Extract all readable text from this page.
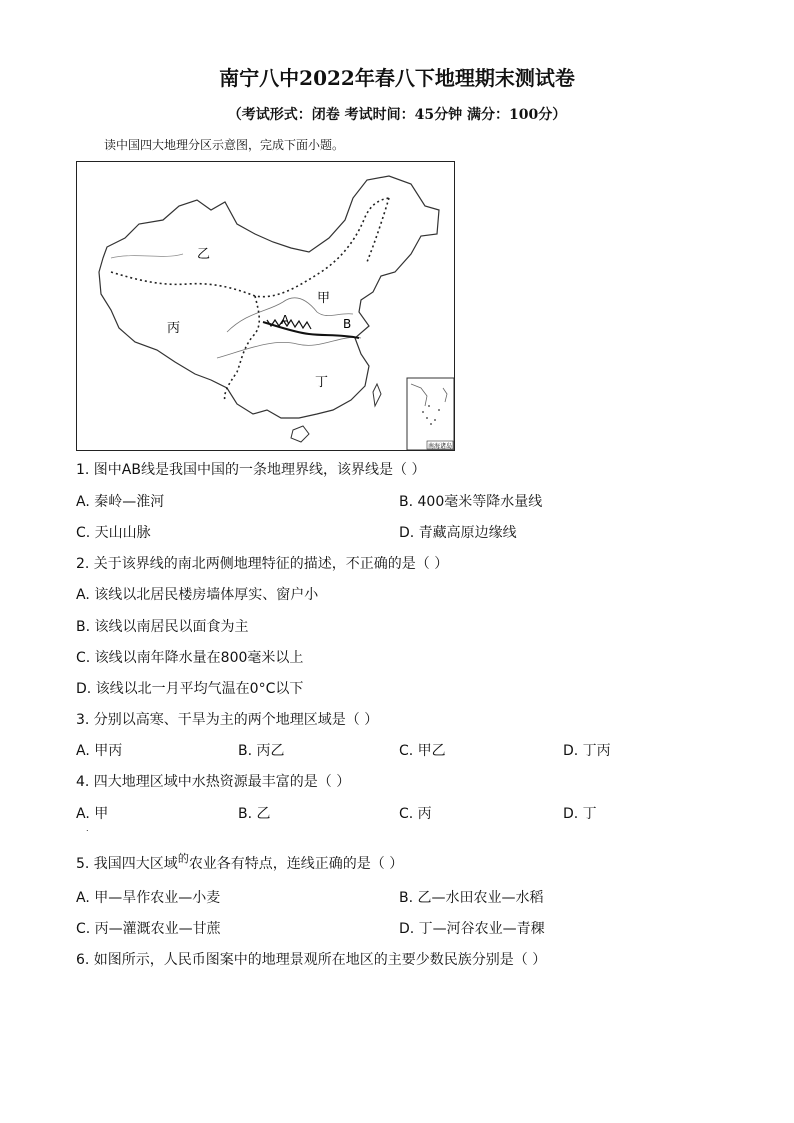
南宁八中2022年春八下地理期末测试卷
（考试形式：闭卷 考试时间：45分钟 满分：100分）
读中国四大地理分区示意图，完成下面小题。
乙
甲
丙
丁
A	B
南海诸岛
1. 图中AB线是我国中国的一条地理界线，该界线是（ ）
A. 秦岭—淮河	B. 400毫米等降水量线
C. 天山山脉	D. 青藏高原边缘线
2. 关于该界线的南北两侧地理特征的描述，不正确的是（ ）
A. 该线以北居民楼房墙体厚实、窗户小
B. 该线以南居民以面食为主
C. 该线以南年降水量在800毫米以上
D. 该线以北一月平均气温在0°C以下
3. 分别以高寒、干旱为主的两个地理区域是（ ）
A. 甲丙	B. 丙乙	C. 甲乙	D. 丁丙
4. 四大地理区域中水热资源最丰富的是（ ）
A. 甲	B. 乙	C. 丙	D. 丁
.
5. 我国四大区域$^的$农业各有特点，连线正确的是（ ）
A. 甲—旱作农业—小麦	B. 乙—水田农业—水稻
C. 丙—灌溉农业—甘蔗	D. 丁—河谷农业—青稞
6. 如图所示，人民币图案中的地理景观所在地区的主要少数民族分别是（ ）
